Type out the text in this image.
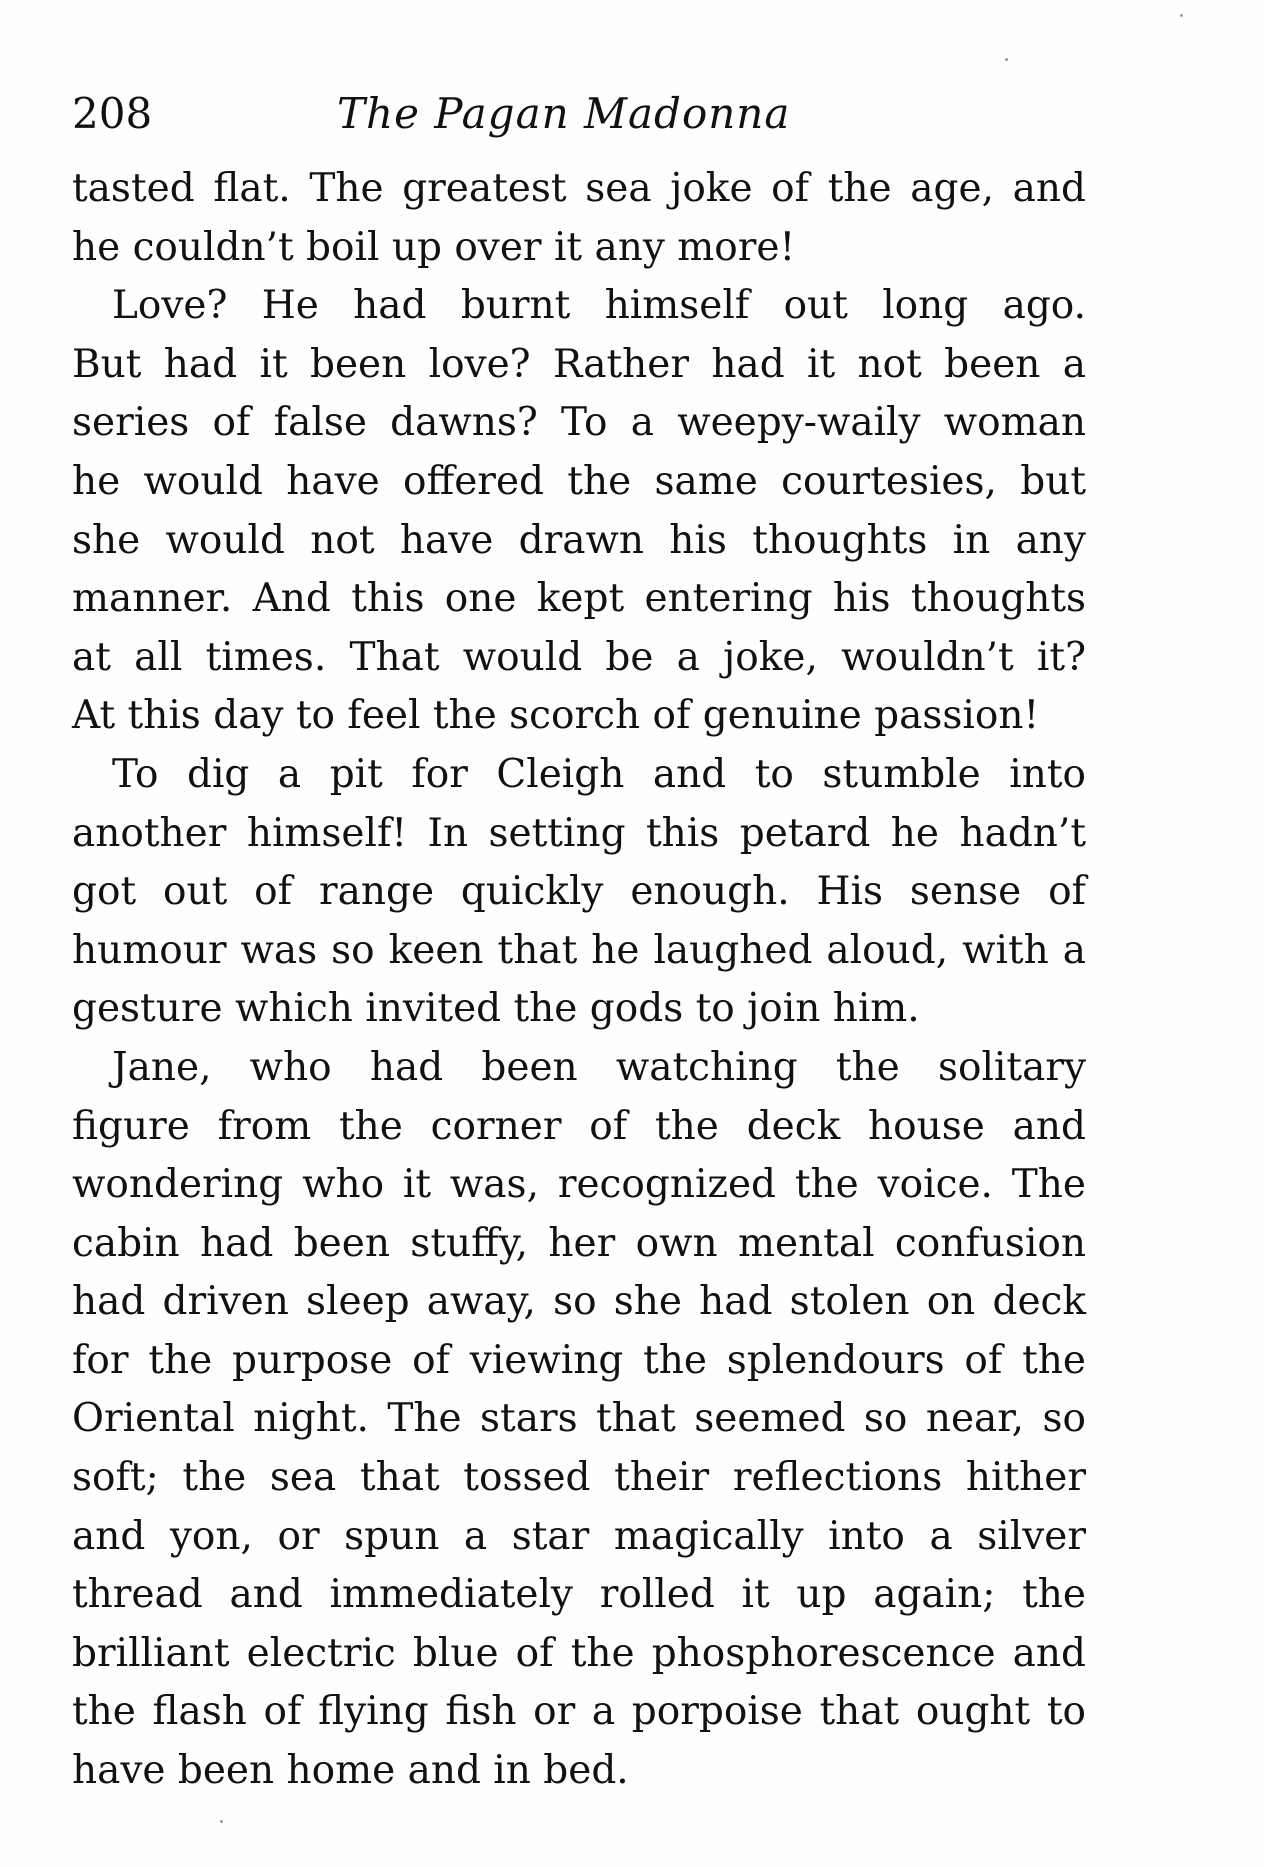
208	The Pagan Madonna
tasted flat. The greatest sea joke of the age, and
he couldn’t boil up over it any more!
Love? He had burnt himself out long ago.
But had it been love? Rather had it not been a
series of false dawns? To a weepy-waily woman
he would have offered the same courtesies, but
she would not have drawn his thoughts in any
manner. And this one kept entering his thoughts
at all times. That would be a joke, wouldn’t it?
At this day to feel the scorch of genuine passion!
To dig a pit for Cleigh and to stumble into
another himself! In setting this petard he hadn’t
got out of range quickly enough. His sense of
humour was so keen that he laughed aloud, with a
gesture which invited the gods to join him.
Jane, who had been watching the solitary
figure from the corner of the deck house and
wondering who it was, recognized the voice. The
cabin had been stuffy, her own mental confusion
had driven sleep away, so she had stolen on deck
for the purpose of viewing the splendours of the
Oriental night. The stars that seemed so near, so
soft; the sea that tossed their reflections hither
and yon, or spun a star magically into a silver
thread and immediately rolled it up again; the
brilliant electric blue of the phosphorescence and
the flash of flying fish or a porpoise that ought to
have been home and in bed.
